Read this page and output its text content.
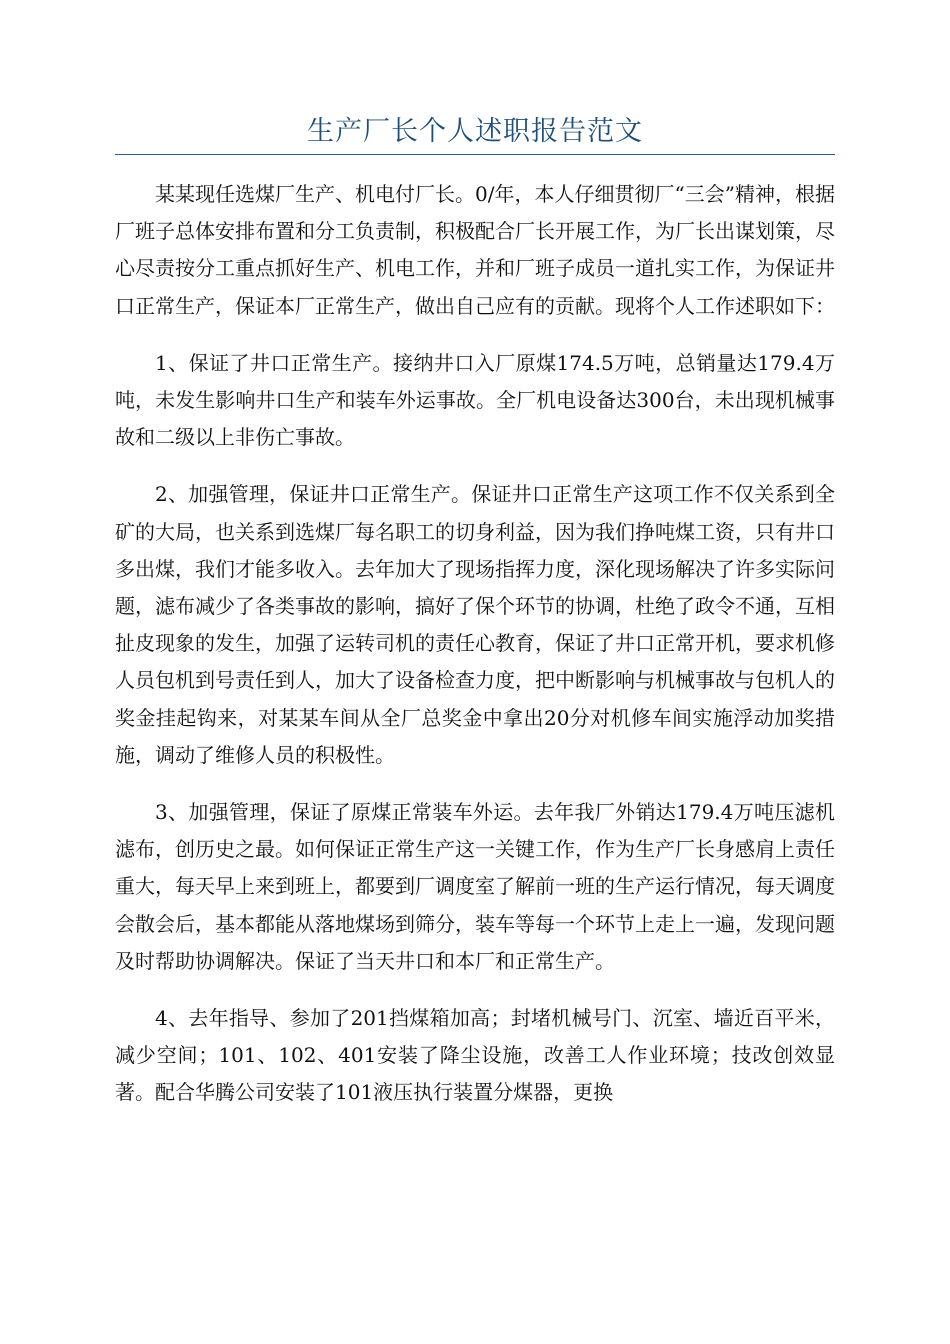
生产厂长个人述职报告范文

某某现任选煤厂生产、机电付厂长。0/年，本人仔细贯彻厂“三会”精神，根据厂班子总体安排布置和分工负责制，积极配合厂长开展工作，为厂长出谋划策，尽心尽责按分工重点抓好生产、机电工作，并和厂班子成员一道扎实工作，为保证井口正常生产，保证本厂正常生产，做出自己应有的贡献。现将个人工作述职如下：

1、保证了井口正常生产。接纳井口入厂原煤174.5万吨，总销量达179.4万吨，未发生影响井口生产和装车外运事故。全厂机电设备达300台，未出现机械事故和二级以上非伤亡事故。

2、加强管理，保证井口正常生产。保证井口正常生产这项工作不仅关系到全矿的大局，也关系到选煤厂每名职工的切身利益，因为我们挣吨煤工资，只有井口多出煤，我们才能多收入。去年加大了现场指挥力度，深化现场解决了许多实际问题，滤布减少了各类事故的影响，搞好了保个环节的协调，杜绝了政令不通，互相扯皮现象的发生，加强了运转司机的责任心教育，保证了井口正常开机，要求机修人员包机到号责任到人，加大了设备检查力度，把中断影响与机械事故与包机人的奖金挂起钩来，对某某车间从全厂总奖金中拿出20分对机修车间实施浮动加奖措施，调动了维修人员的积极性。

3、加强管理，保证了原煤正常装车外运。去年我厂外销达179.4万吨压滤机滤布，创历史之最。如何保证正常生产这一关键工作，作为生产厂长身感肩上责任重大，每天早上来到班上，都要到厂调度室了解前一班的生产运行情况，每天调度会散会后，基本都能从落地煤场到筛分，装车等每一个环节上走上一遍，发现问题及时帮助协调解决。保证了当天井口和本厂和正常生产。

4、去年指导、参加了201挡煤箱加高；封堵机械号门、沉室、墙近百平米，减少空间；101、102、401安装了降尘设施，改善工人作业环境；技改创效显著。配合华腾公司安装了101液压执行装置分煤器，更换
